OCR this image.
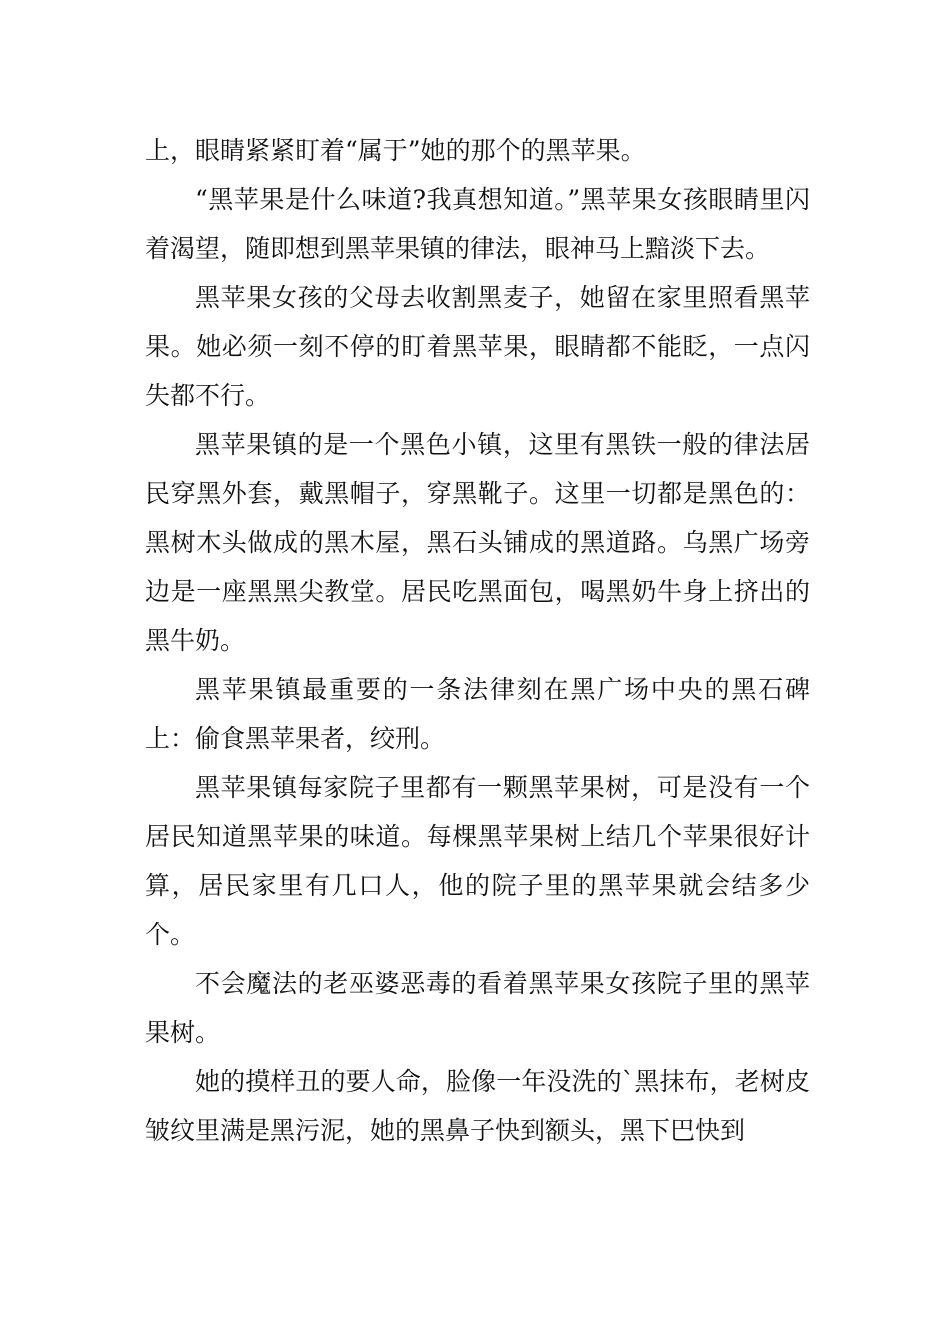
上，眼睛紧紧盯着“属于”她的那个的黑苹果。

“黑苹果是什么味道?我真想知道。”黑苹果女孩眼睛里闪着渴望，随即想到黑苹果镇的律法，眼神马上黯淡下去。

黑苹果女孩的父母去收割黑麦子，她留在家里照看黑苹果。她必须一刻不停的盯着黑苹果，眼睛都不能眨，一点闪失都不行。

黑苹果镇的是一个黑色小镇，这里有黑铁一般的律法居民穿黑外套，戴黑帽子，穿黑靴子。这里一切都是黑色的：黑树木头做成的黑木屋，黑石头铺成的黑道路。乌黑广场旁边是一座黑黑尖教堂。居民吃黑面包，喝黑奶牛身上挤出的黑牛奶。

黑苹果镇最重要的一条法律刻在黑广场中央的黑石碑上：偷食黑苹果者，绞刑。

黑苹果镇每家院子里都有一颗黑苹果树，可是没有一个居民知道黑苹果的味道。每棵黑苹果树上结几个苹果很好计算，居民家里有几口人，他的院子里的黑苹果就会结多少个。

不会魔法的老巫婆恶毒的看着黑苹果女孩院子里的黑苹果树。

她的摸样丑的要人命，脸像一年没洗的`黑抹布，老树皮皱纹里满是黑污泥，她的黑鼻子快到额头，黑下巴快到
